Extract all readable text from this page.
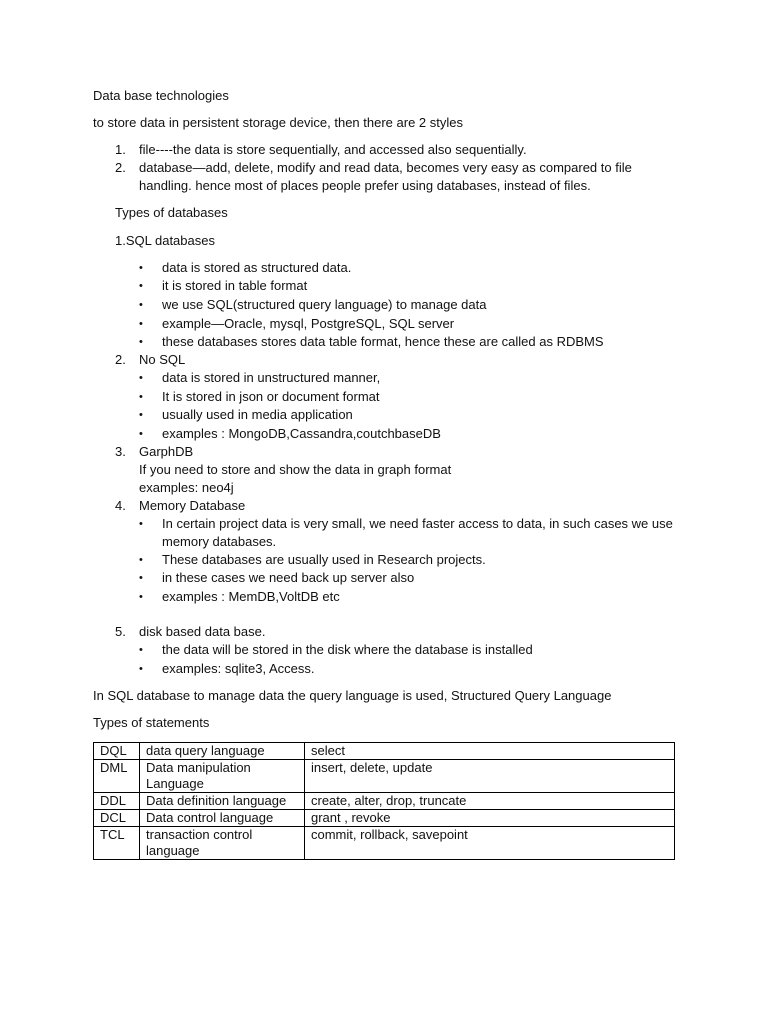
Data base technologies
to store data in persistent storage device, then there are 2 styles
1.	file----the data is store sequentially, and accessed also sequentially.
2.	database—add, delete, modify and read data, becomes very easy as compared to file handling. hence most of places people prefer using databases, instead of files.
Types of databases
1.SQL databases
•	data is stored as structured data.
•	it is stored in table format
•	we use SQL(structured query language) to manage data
•	example—Oracle, mysql, PostgreSQL, SQL server
•	these databases stores data table format, hence these are called as RDBMS
2.	No SQL
•	data is stored in unstructured manner,
•	It is stored in json or document format
•	usually used in media application
•	examples : MongoDB,Cassandra,coutchbaseDB
3.	GarphDB
If you need to store and show the data in graph format
examples: neo4j
4.	Memory Database
•	In certain project data is very small, we need faster access to data, in such cases we use memory databases.
•	These databases are usually used in Research projects.
•	in these cases we need back up server also
•	examples : MemDB,VoltDB etc
5.	disk based data base.
•	the data will be stored in the disk where the database is installed
•	examples: sqlite3, Access.
In SQL database to manage data the query language is used, Structured Query Language
Types of statements
DQL	data query language	select
DML	Data manipulation Language	insert, delete, update
DDL	Data definition language	create, alter, drop, truncate
DCL	Data control language	grant , revoke
TCL	transaction control language	commit, rollback, savepoint
